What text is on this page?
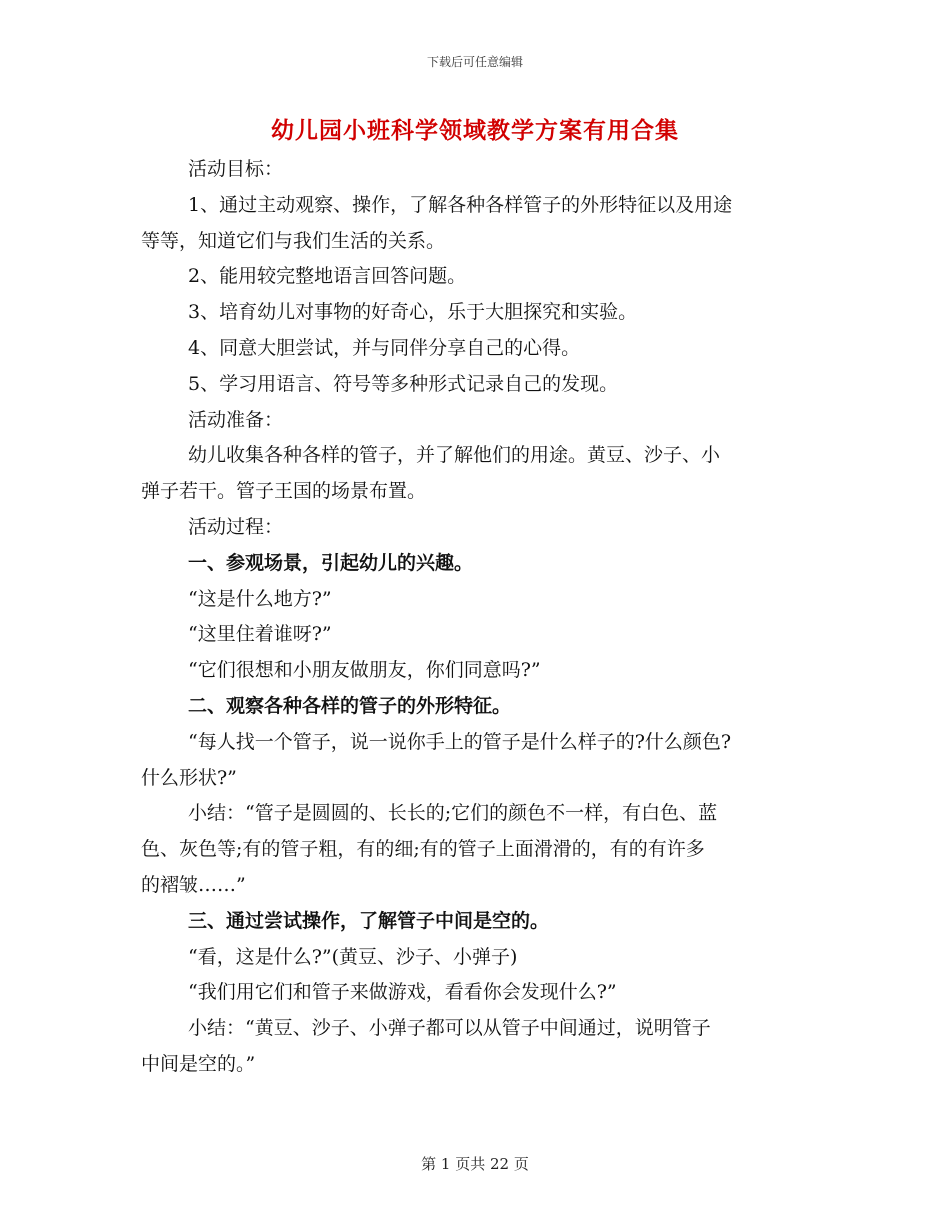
下载后可任意编辑
幼儿园小班科学领域教学方案有用合集

活动目标：

1、通过主动观察、操作，了解各种各样管子的外形特征以及用途

等等，知道它们与我们生活的关系。

2、能用较完整地语言回答问题。

3、培育幼儿对事物的好奇心，乐于大胆探究和实验。

4、同意大胆尝试，并与同伴分享自己的心得。

5、学习用语言、符号等多种形式记录自己的发现。

活动准备：

幼儿收集各种各样的管子，并了解他们的用途。黄豆、沙子、小

弹子若干。管子王国的场景布置。

活动过程：

一、参观场景，引起幼儿的兴趣。

“这是什么地方?”

“这里住着谁呀?”

“它们很想和小朋友做朋友，你们同意吗?”

二、观察各种各样的管子的外形特征。

“每人找一个管子，说一说你手上的管子是什么样子的?什么颜色?

什么形状?”

小结：“管子是圆圆的、长长的;它们的颜色不一样，有白色、蓝

色、灰色等;有的管子粗，有的细;有的管子上面滑滑的，有的有许多

的褶皱……”

三、通过尝试操作，了解管子中间是空的。

“看，这是什么?”(黄豆、沙子、小弹子)

“我们用它们和管子来做游戏，看看你会发现什么?”

小结：“黄豆、沙子、小弹子都可以从管子中间通过，说明管子

中间是空的。”

第 1 页共 22 页
